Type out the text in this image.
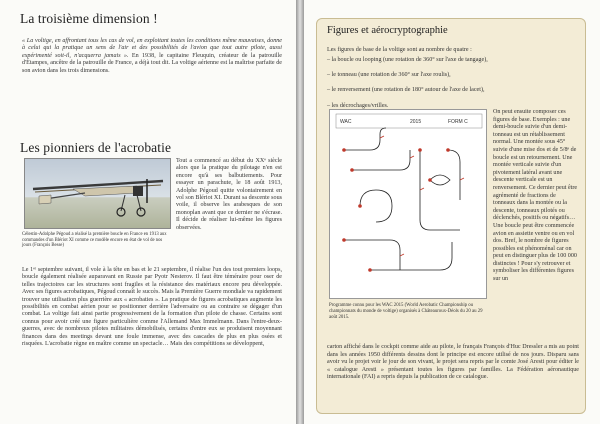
La troisième dimension !
« La voltige, en affrontant tous les cas de vol, en exploitant toutes les conditions même mauvaises, donne à celui qui la pratique un sens de l'air et des possibilités de l'avion que tout autre pilote, aussi expérimenté soit-il, n'acquerra jamais ». En 1938, le capitaine Fleuquin, créateur de la patrouille d'Étampes, ancêtre de la patrouille de France, a déjà tout dit. La voltige aérienne est la maîtrise parfaite de son avion dans les trois dimensions.
Les pionniers de l'acrobatie
Célestin-Adolphe Pégoud a réalisé la première boucle en France en 1913 aux commandes d'un Blériot XI comme ce modèle encore en état de vol de nos jours (François Besse)
Tout a commencé au début du XXᵉ siècle alors que la pratique du pilotage n'en est encore qu'à ses balbutiements. Pour essayer un parachute, le 18 août 1913, Adolphe Pégoud quitte volontairement en vol son Blériot XI. Durant sa descente sous voile, il observe les arabesques de son monoplan avant que ce dernier ne s'écrase. Il décide de réaliser lui-même les figures observées.
Le 1ᵉʳ septembre suivant, il vole à la tête en bas et le 21 septembre, il réalise l'un des tout premiers loops, boucle également réalisée auparavant en Russie par Pyotr Nesterov. Il faut être téméraire pour oser de telles trajectoires car les structures sont fragiles et la résistance des matériaux encore peu développée. Avec ses figures acrobatiques, Pégoud connaît le succès. Mais la Première Guerre mondiale va rapidement trouver une utilisation plus guerrière aux « acrobaties ». La pratique de figures acrobatiques augmente les possibilités en combat aérien pour se positionner derrière l'adversaire ou au contraire se dégager d'un combat. La voltige fait ainsi partie progressivement de la formation d'un pilote de chasse. Certains sont connus pour avoir créé une figure particulière comme l'Allemand Max Immelmann. Dans l'entre-deux-guerres, avec de nombreux pilotes militaires démobilisés, certains d'entre eux se produisent moyennant finances dans des meetings devant une foule immense, avec des cascades de plus en plus osées et risquées. L'acrobatie règne en maître comme un spectacle… Mais des compétitions se développent,
Figures et aérocryptographie
Les figures de base de la voltige sont au nombre de quatre :
– la boucle ou looping (une rotation de 360° sur l'axe de tangage),
– le tonneau (une rotation de 360° sur l'axe roulis),
– le renversement (une rotation de 180° autour de l'axe de lacet),
– les décrochages/vrilles.
WAC	2015	FORM C
Programme connu pour les WAC 2015 (World Aerobatic Championship ou championnats du monde de voltige) organisés à Châteauroux-Déols du 20 au 29 août 2015.
On peut ensuite composer ces figures de base. Exemples : une demi-boucle suivie d'un demi-tonneau est un rétablissement normal. Une montée sous 45° suivie d'une mise dos et de 5/8ᵉ de boucle est un retournement. Une montée verticale suivie d'un pivotement latéral avant une descente verticale est un renversement. Ce dernier peut être agrémenté de fractions de tonneaux dans la montée ou la descente, tonneaux pilotés ou déclenchés, positifs ou négatifs… Une boucle peut être commencée avion en assiette ventre ou en vol dos. Bref, le nombre de figures possibles est phénoménal car on peut en distinguer plus de 100 000 distinctes ! Pour s'y retrouver et symboliser les différentes figures sur un
carton affiché dans le cockpit comme aide au pilote, le français François d'Huc Dressler a mis au point dans les années 1950 différents dessins dont le principe est encore utilisé de nos jours. Disparu sans avoir vu le projet voir le jour de son vivant, le projet sera repris par le comte José Aresti pour éditer le « catalogue Aresti » présentant toutes les figures par familles. La Fédération aéronautique internationale (FAI) a repris depuis la publication de ce catalogue.
